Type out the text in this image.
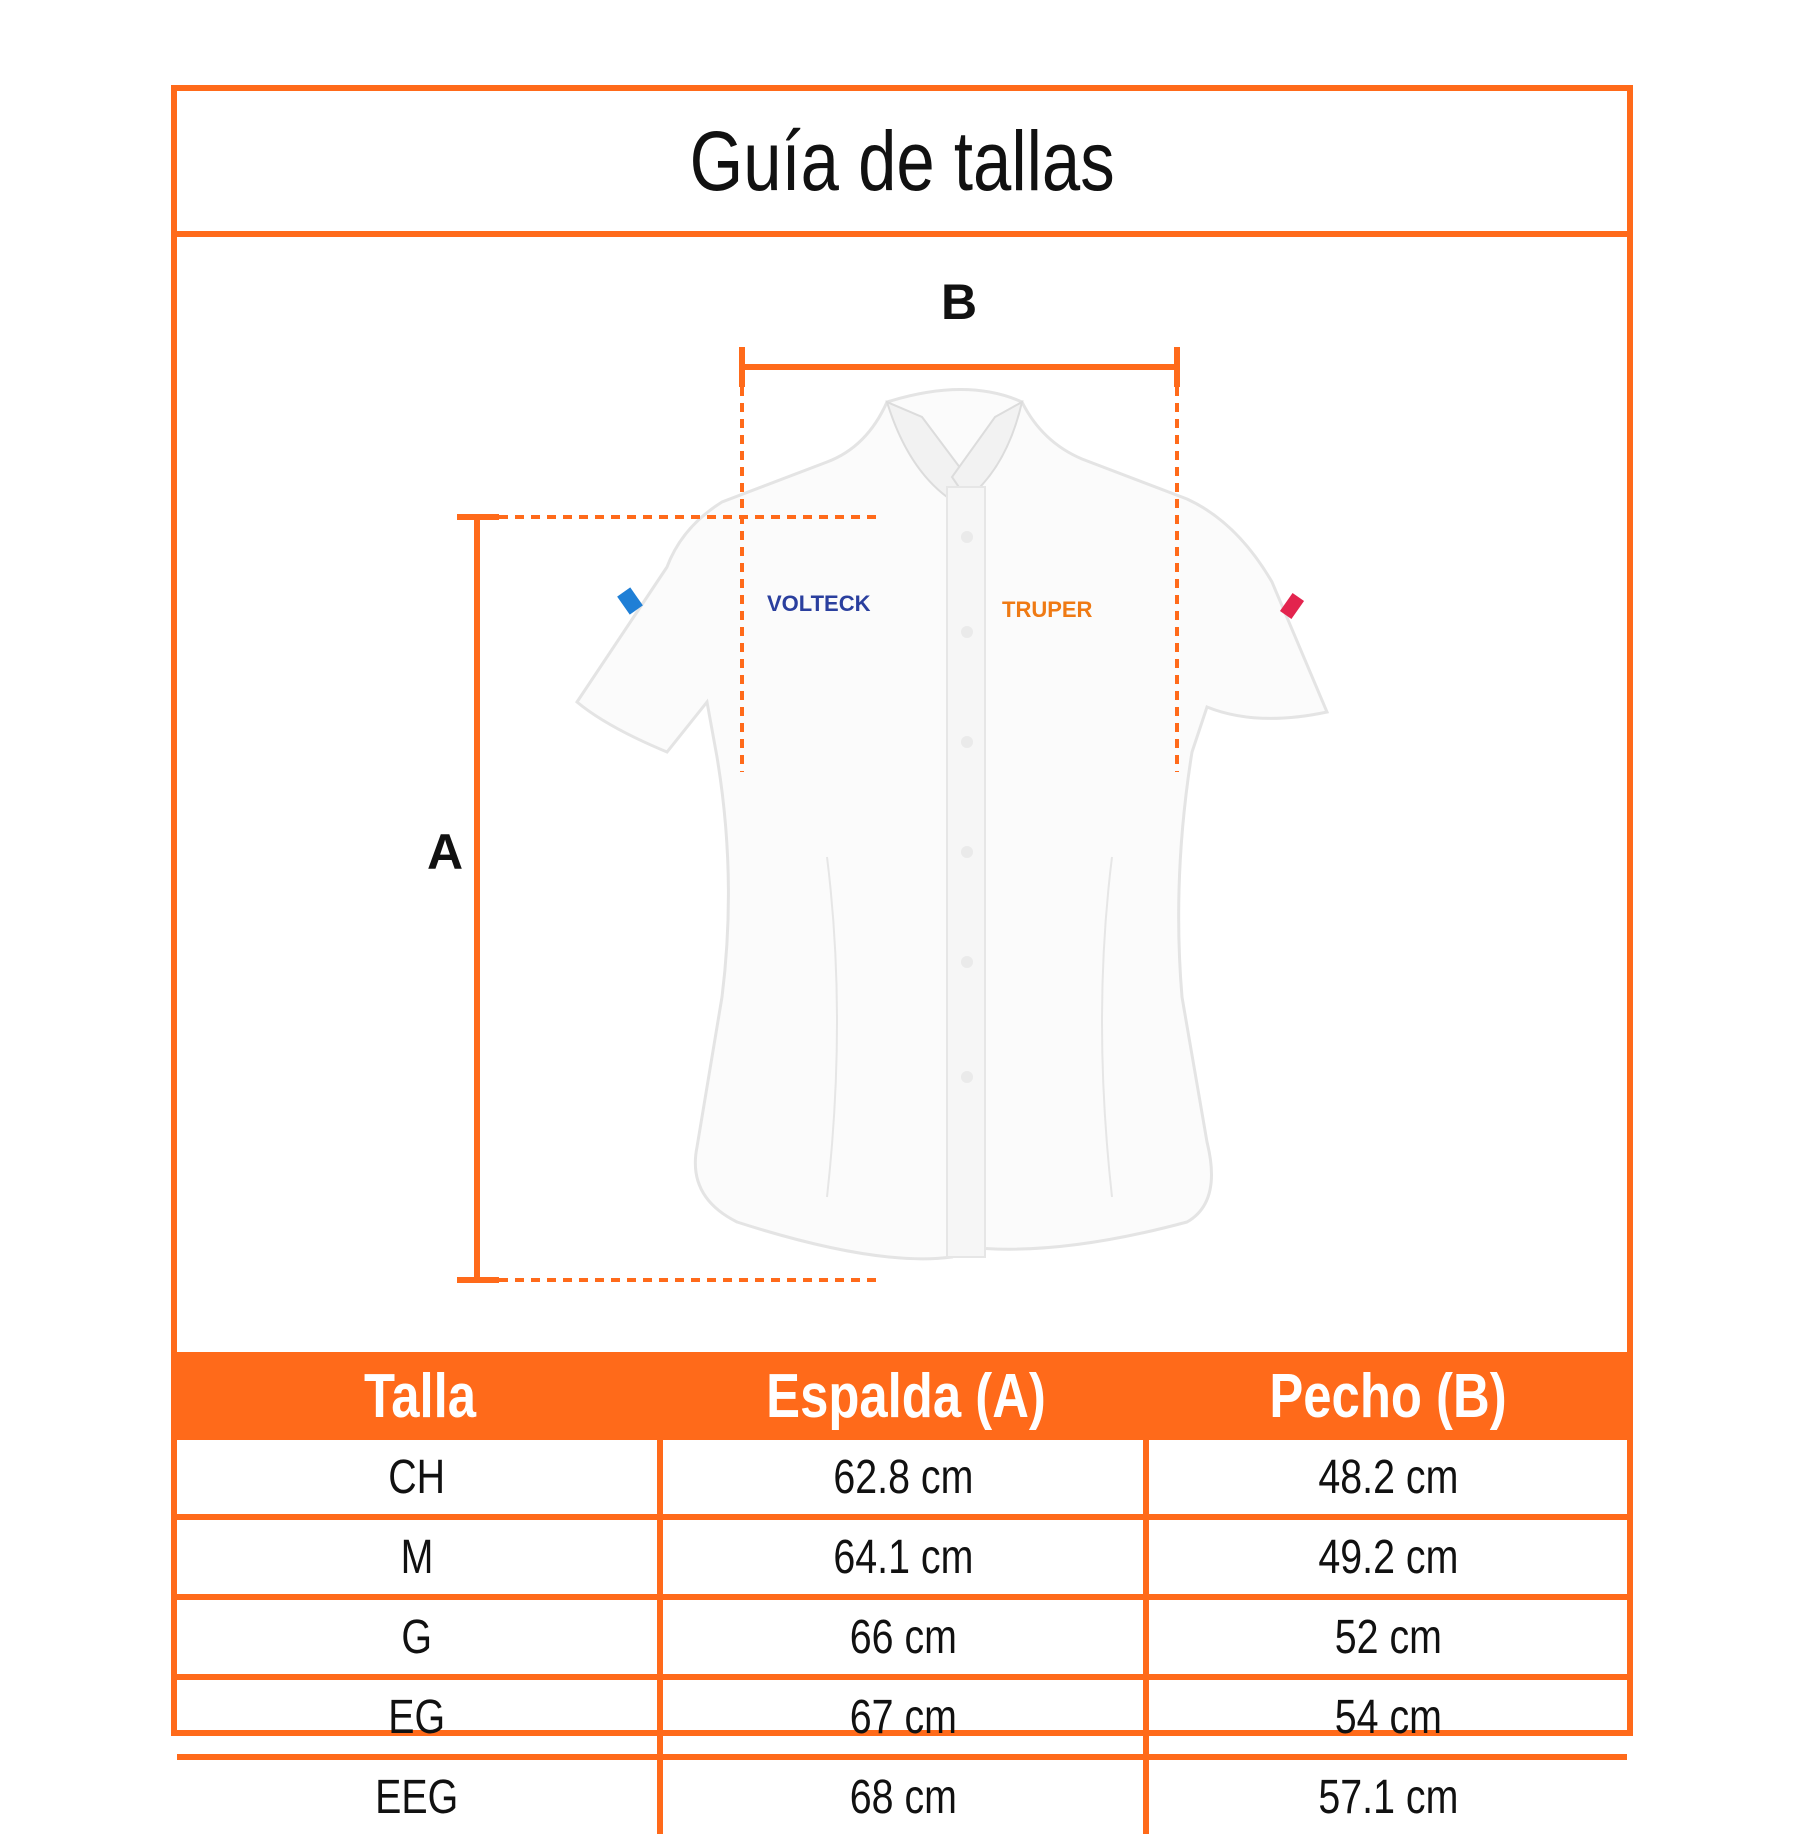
Guía de tallas
VOLTECK	TRUPER
B
A
Talla	Espalda (A)	Pecho (B)
CH	62.8 cm	48.2 cm
M	64.1 cm	49.2 cm
G	66 cm	52 cm
EG	67 cm	54 cm
EEG	68 cm	57.1 cm
